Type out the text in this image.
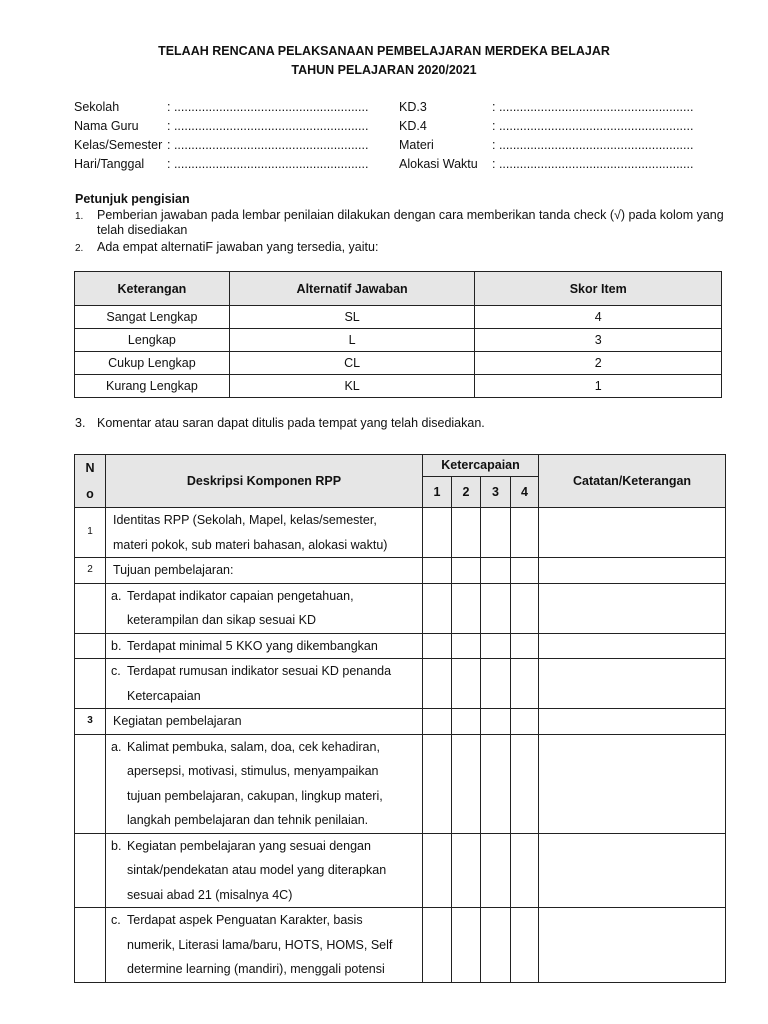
TELAAH RENCANA PELAKSANAAN PEMBELAJARAN MERDEKA BELAJAR
TAHUN PELAJARAN 2020/2021
Sekolah	: ........................................................
Nama Guru : ........................................................
Kelas/Semester : ........................................................
Hari/Tanggal : ........................................................
KD.3	: ........................................................
KD.4	: ........................................................
Materi	: ........................................................
Alokasi Waktu : ........................................................
Petunjuk pengisian
1. Pemberian jawaban pada lembar penilaian dilakukan dengan cara memberikan tanda check (√) pada kolom yang telah disediakan
2. Ada empat alternatiF jawaban yang tersedia, yaitu:
Keterangan	Alternatif Jawaban	Skor Item
Sangat Lengkap	SL	4
Lengkap	L	3
Cukup Lengkap	CL	2
Kurang Lengkap	KL	1
3. Komentar atau saran dapat ditulis pada tempat yang telah disediakan.
N
o	Deskripsi Komponen RPP	Ketercapaian				Catatan/Keterangan
		1	2	3	4	
1	Identitas RPP (Sekolah, Mapel, kelas/semester,
materi pokok, sub materi bahasan, alokasi waktu)					

2	Tujuan pembelajaran:					

	a. Terdapat indikator capaian pengetahuan,
keterampilan dan sikap sesuai KD					

	b. Terdapat minimal 5 KKO yang dikembangkan					

	c. Terdapat rumusan indikator sesuai KD penanda
Ketercapaian					

3	Kegiatan pembelajaran					

	a. Kalimat pembuka, salam, doa, cek kehadiran,
apersepsi, motivasi, stimulus, menyampaikan
tujuan pembelajaran, cakupan, lingkup materi,
langkah pembelajaran dan tehnik penilaian.					

	b. Kegiatan pembelajaran yang sesuai dengan
sintak/pendekatan atau model yang diterapkan
sesuai abad 21 (misalnya 4C)					

	c. Terdapat aspek Penguatan Karakter, basis
numerik, Literasi lama/baru, HOTS, HOMS, Self
determine learning (mandiri), menggali potensi					
